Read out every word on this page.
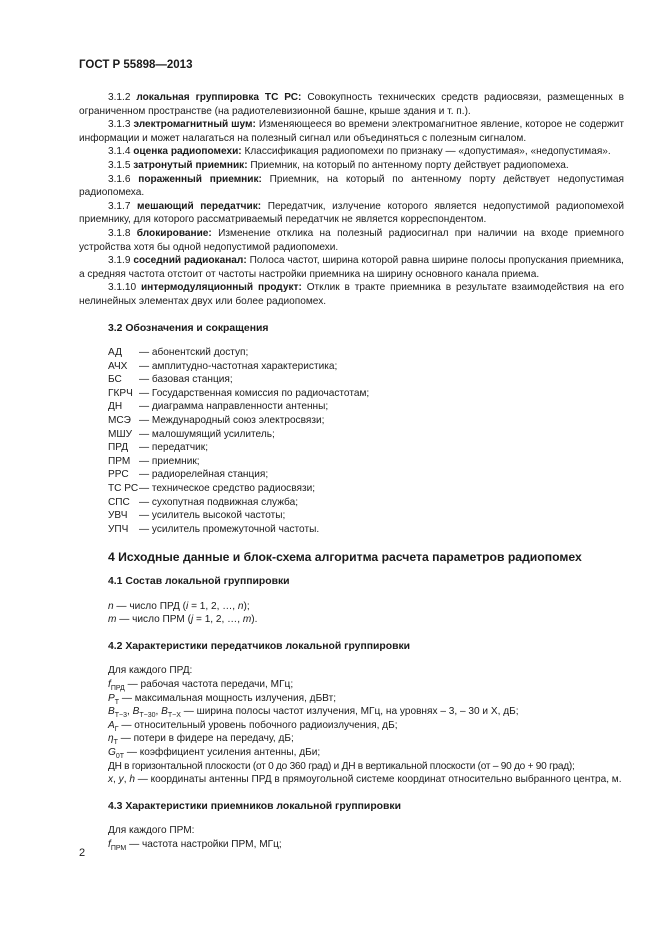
ГОСТ Р 55898—2013

3.1.2 локальная группировка ТС РС: Совокупность технических средств радиосвязи, размещенных в ограниченном пространстве (на радиотелевизионной башне, крыше здания и т. п.).

3.1.3 электромагнитный шум: Изменяющееся во времени электромагнитное явление, которое не содержит информации и может налагаться на полезный сигнал или объединяться с полезным сигналом.

3.1.4 оценка радиопомехи: Классификация радиопомехи по признаку — «допустимая», «недопустимая».

3.1.5 затронутый приемник: Приемник, на который по антенному порту действует радиопомеха.

3.1.6 пораженный приемник: Приемник, на который по антенному порту действует недопустимая радиопомеха.

3.1.7 мешающий передатчик: Передатчик, излучение которого является недопустимой радиопомехой приемнику, для которого рассматриваемый передатчик не является корреспондентом.

3.1.8 блокирование: Изменение отклика на полезный радиосигнал при наличии на входе приемного устройства хотя бы одной недопустимой радиопомехи.

3.1.9 соседний радиоканал: Полоса частот, ширина которой равна ширине полосы пропускания приемника, а средняя частота отстоит от частоты настройки приемника на ширину основного канала приема.

3.1.10 интермодуляционный продукт: Отклик в тракте приемника в результате взаимодействия на его нелинейных элементах двух или более радиопомех.

3.2 Обозначения и сокращения
АД	— абонентский доступ;
АЧХ	— амплитудно-частотная характеристика;
БС	— базовая станция;
ГКРЧ — Государственная комиссия по радиочастотам;
ДН	— диаграмма направленности антенны;
МСЭ — Международный союз электросвязи;
МШУ — малошумящий усилитель;
ПРД	— передатчик;
ПРМ — приемник;
РРС	— радиорелейная станция;
ТС РС — техническое средство радиосвязи;
СПС — сухопутная подвижная служба;
УВЧ	— усилитель высокой частоты;
УПЧ	— усилитель промежуточной частоты.
4 Исходные данные и блок-схема алгоритма расчета параметров радиопомех
4.1 Состав локальной группировки
n — число ПРД (i = 1, 2, …, n);
m — число ПРМ (j = 1, 2, …, m).
4.2 Характеристики передатчиков локальной группировки
Для каждого ПРД:
$f_{ПРД}$ — рабочая частота передачи, МГц;
$P_Т$ — максимальная мощность излучения, дБВт;
$B_{Т-3}$, $B_{Т-30}$, $B_{Т-X}$ — ширина полосы частот излучения, МГц, на уровнях – 3, – 30 и Х, дБ;
$A_Г$ — относительный уровень побочного радиоизлучения, дБ;
$\eta_Т$ — потери в фидере на передачу, дБ;
$G_{0Т}$ — коэффициент усиления антенны, дБи;
ДН в горизонтальной плоскости (от 0 до 360 град) и ДН в вертикальной плоскости (от – 90 до + 90 град);

x, y, h — координаты антенны ПРД в прямоугольной системе координат относительно выбранного центра, м.

4.3 Характеристики приемников локальной группировки
Для каждого ПРМ:
$f_{ПРМ}$ — частота настройки ПРМ, МГц;
2
